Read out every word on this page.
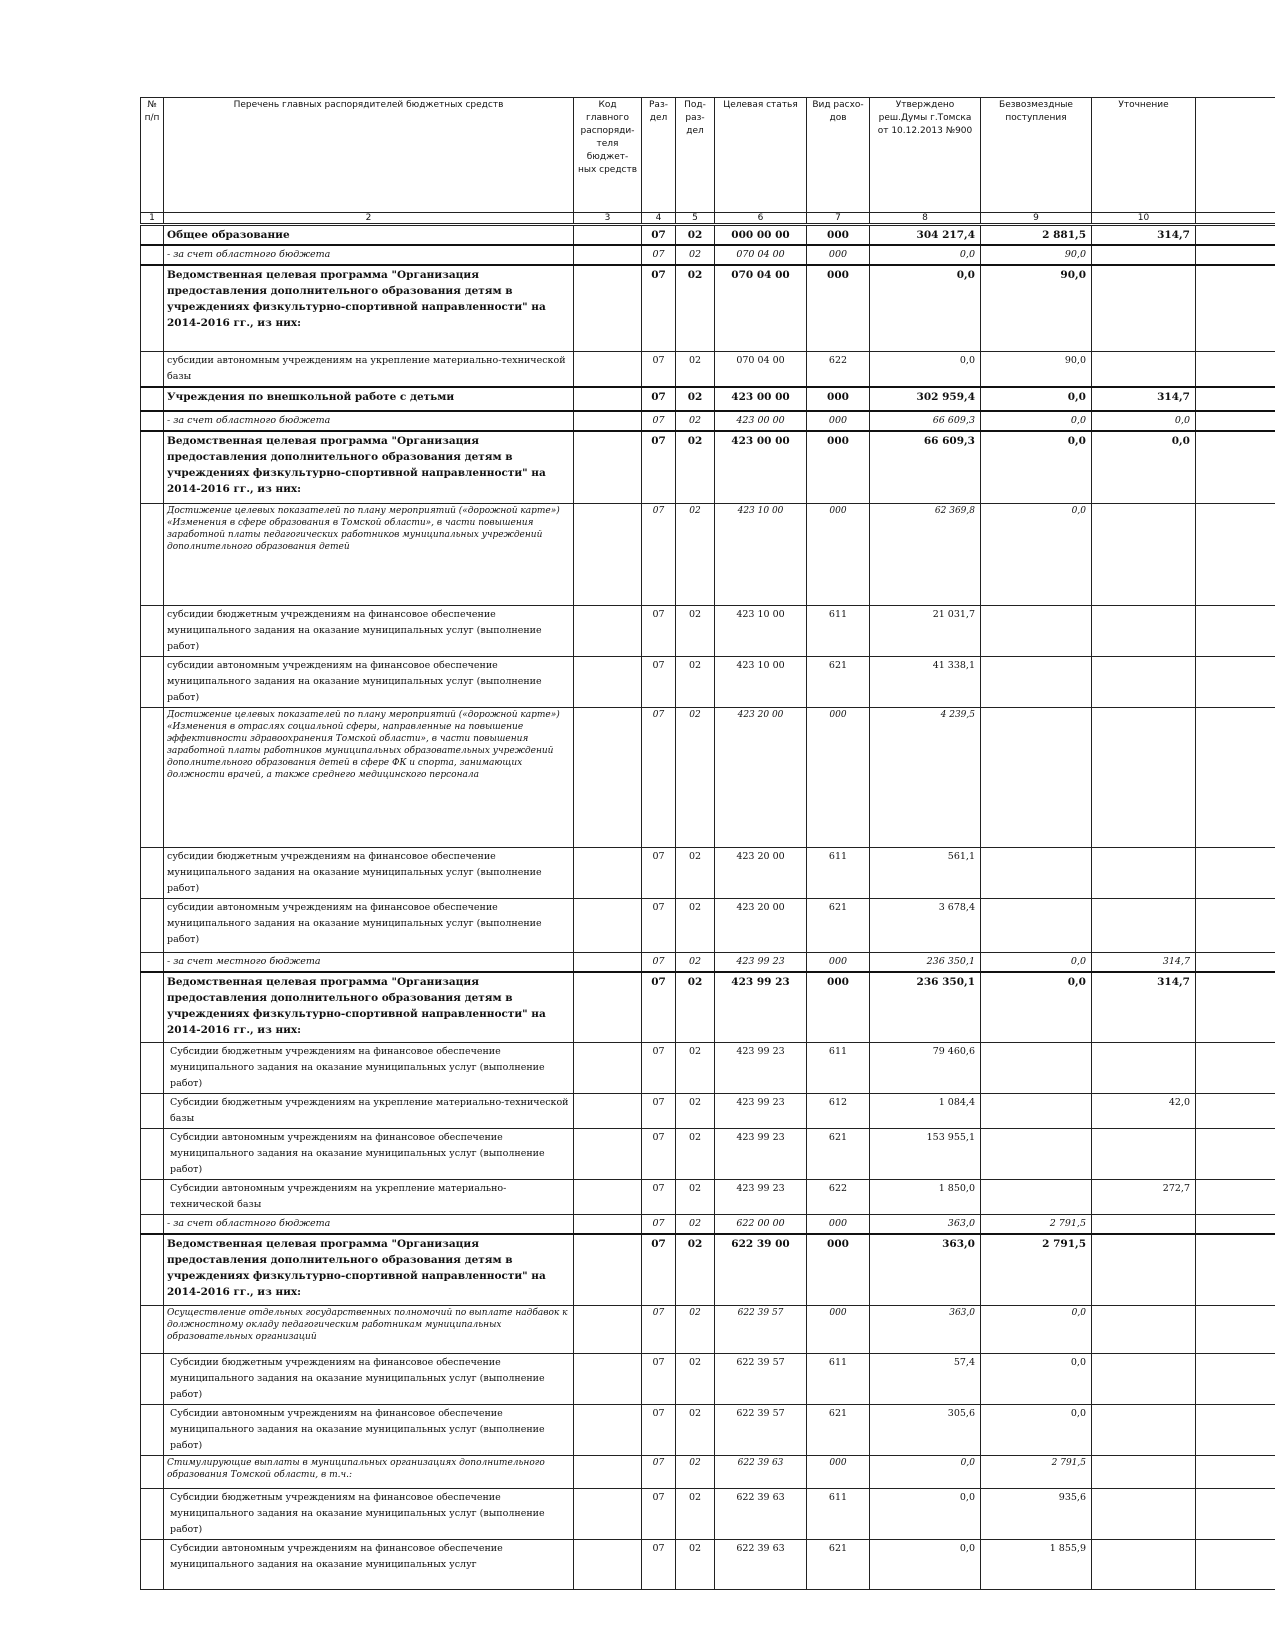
№ п/п	Перечень главных распорядителей бюджетных средств	Код главного распоряди- теля бюджет- ных средств	Раз- дел	Под- раз- дел	Целевая статья	Вид расхо- дов	Утверждено реш.Думы г.Томска от 10.12.2013 №900	Безвозмездные поступления	Уточнение	
1	2	3	4	5	6	7	8	9	10	
	Общее образование		07	02	000 00 00	000	304 217,4	2 881,5	314,7	
	- за счет областного бюджета		07	02	070 04 00	000	0,0	90,0		
	Ведомственная целевая программа "Организация предоставления дополнительного образования детям в учреждениях физкультурно-спортивной направленности" на 2014-2016 гг., из них:		07	02	070 04 00	000	0,0	90,0		
	субсидии автономным учреждениям на укрепление материально-технической базы		07	02	070 04 00	622	0,0	90,0		
	Учреждения по внешкольной работе с детьми		07	02	423 00 00	000	302 959,4	0,0	314,7	
	- за счет областного бюджета		07	02	423 00 00	000	66 609,3	0,0	0,0	
	Ведомственная целевая программа "Организация предоставления дополнительного образования детям в учреждениях физкультурно-спортивной направленности" на 2014-2016 гг., из них:		07	02	423 00 00	000	66 609,3	0,0	0,0	
	Достижение целевых показателей по плану мероприятий («дорожной карте») «Изменения в сфере образования в Томской области», в части повышения заработной платы педагогических работников муниципальных учреждений дополнительного образования детей		07	02	423 10 00	000	62 369,8	0,0		
	субсидии бюджетным учреждениям на финансовое обеспечение муниципального задания на оказание муниципальных услуг (выполнение работ)		07	02	423 10 00	611	21 031,7			
	субсидии автономным учреждениям на финансовое обеспечение муниципального задания на оказание муниципальных услуг (выполнение работ)		07	02	423 10 00	621	41 338,1			
	Достижение целевых показателей по плану мероприятий («дорожной карте») «Изменения в отраслях социальной сферы, направленные на повышение эффективности здравоохранения Томской области», в части повышения заработной платы работников муниципальных образовательных учреждений дополнительного образования детей в сфере ФК и спорта, занимающих должности врачей, а также среднего медицинского персонала		07	02	423 20 00	000	4 239,5			
	субсидии бюджетным учреждениям на финансовое обеспечение муниципального задания на оказание муниципальных услуг (выполнение работ)		07	02	423 20 00	611	561,1			
	субсидии автономным учреждениям на финансовое обеспечение муниципального задания на оказание муниципальных услуг (выполнение работ)		07	02	423 20 00	621	3 678,4			
	- за счет местного бюджета		07	02	423 99 23	000	236 350,1	0,0	314,7	
	Ведомственная целевая программа "Организация предоставления дополнительного образования детям в учреждениях физкультурно-спортивной направленности" на 2014-2016 гг., из них:		07	02	423 99 23	000	236 350,1	0,0	314,7	
	Субсидии бюджетным учреждениям на финансовое обеспечение муниципального задания на оказание муниципальных услуг (выполнение работ)		07	02	423 99 23	611	79 460,6			
	Субсидии бюджетным учреждениям на укрепление материально-технической базы		07	02	423 99 23	612	1 084,4		42,0	
	Субсидии автономным учреждениям на финансовое обеспечение муниципального задания на оказание муниципальных услуг (выполнение работ)		07	02	423 99 23	621	153 955,1			
	Субсидии автономным учреждениям на укрепление материально-технической базы		07	02	423 99 23	622	1 850,0		272,7	
	- за счет областного бюджета		07	02	622 00 00	000	363,0	2 791,5		
	Ведомственная целевая программа "Организация предоставления дополнительного образования детям в учреждениях физкультурно-спортивной направленности" на 2014-2016 гг., из них:		07	02	622 39 00	000	363,0	2 791,5		
	Осуществление отдельных государственных полномочий по выплате надбавок к должностному окладу педагогическим работникам муниципальных образовательных организаций		07	02	622 39 57	000	363,0	0,0		
	Субсидии бюджетным учреждениям на финансовое обеспечение муниципального задания на оказание муниципальных услуг (выполнение работ)		07	02	622 39 57	611	57,4	0,0		
	Субсидии автономным учреждениям на финансовое обеспечение муниципального задания на оказание муниципальных услуг (выполнение работ)		07	02	622 39 57	621	305,6	0,0		
	Стимулирующие выплаты в муниципальных организациях дополнительного образования Томской области, в т.ч.:		07	02	622 39 63	000	0,0	2 791,5		
	Субсидии бюджетным учреждениям на финансовое обеспечение муниципального задания на оказание муниципальных услуг (выполнение работ)		07	02	622 39 63	611	0,0	935,6		
	Субсидии автономным учреждениям на финансовое обеспечение муниципального задания на оказание муниципальных услуг		07	02	622 39 63	621	0,0	1 855,9		
